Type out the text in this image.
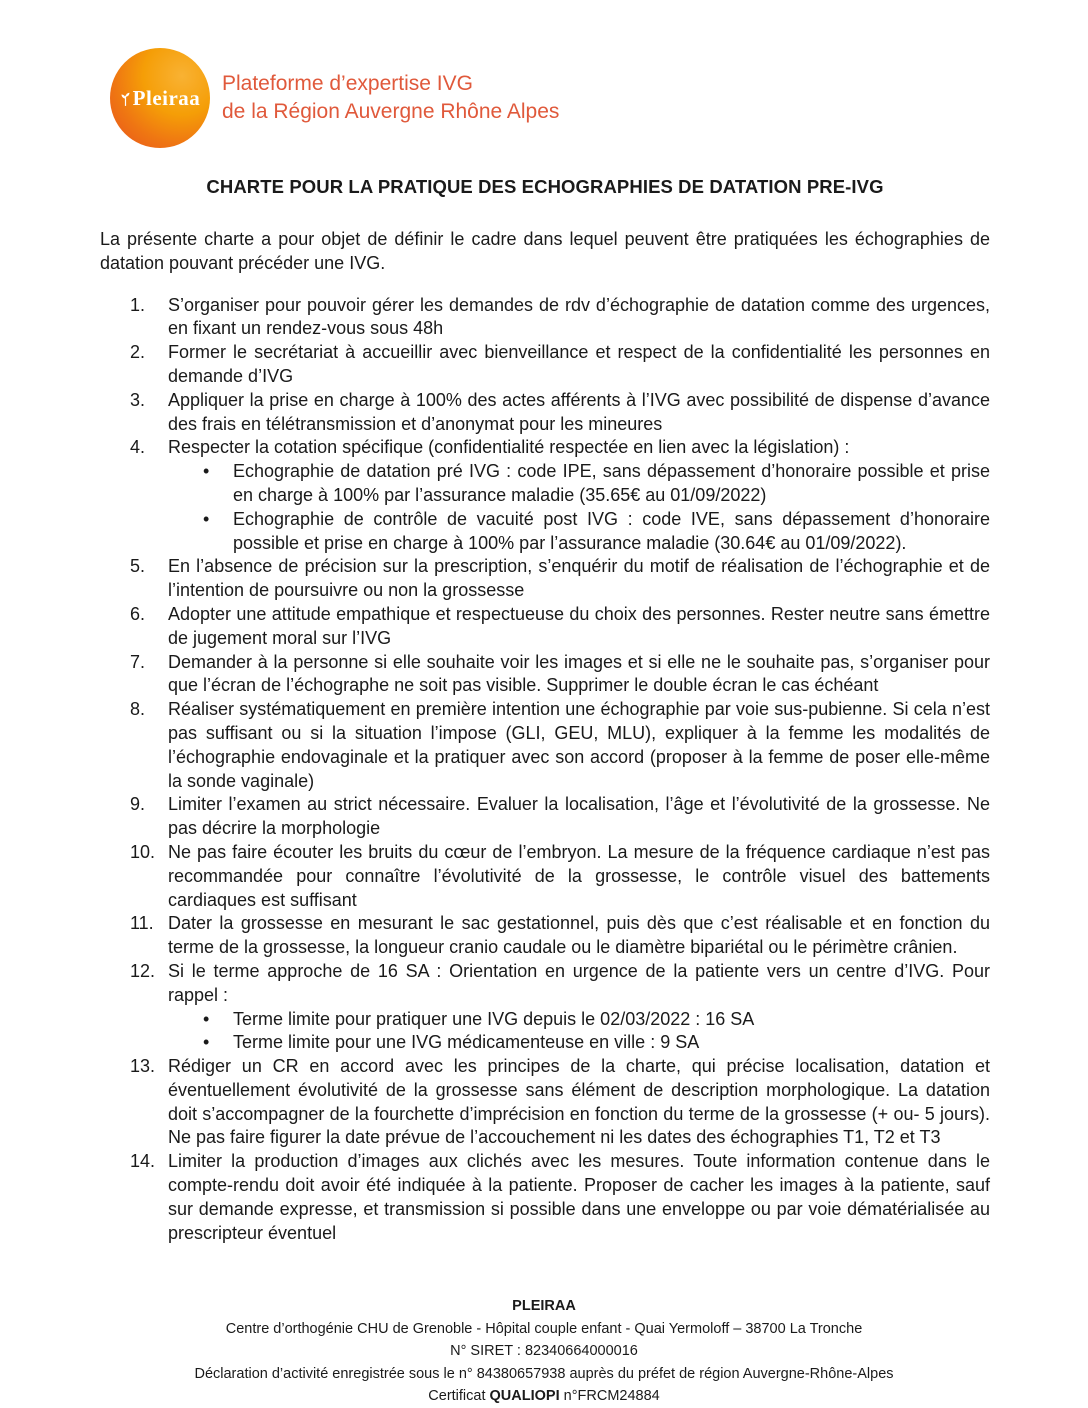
Pleiraa
Plateforme d’expertise IVG
de la Région Auvergne Rhône Alpes
CHARTE POUR LA PRATIQUE DES ECHOGRAPHIES DE DATATION PRE-IVG
La présente charte a pour objet de définir le cadre dans lequel peuvent être pratiquées les échographies de datation pouvant précéder une IVG.
1.	S’organiser pour pouvoir gérer les demandes de rdv d’échographie de datation comme des urgences, en fixant un rendez-vous sous 48h
2.	Former le secrétariat à accueillir avec bienveillance et respect de la confidentialité les personnes en demande d’IVG
3.	Appliquer la prise en charge à 100% des actes afférents à l’IVG avec possibilité de dispense d’avance des frais en télétransmission et d’anonymat pour les mineures
4.	Respecter la cotation spécifique (confidentialité respectée en lien avec la législation) :
•	Echographie de datation pré IVG : code IPE, sans dépassement d’honoraire possible et prise en charge à 100% par l’assurance maladie (35.65€ au 01/09/2022)
•	Echographie de contrôle de vacuité post IVG : code IVE, sans dépassement d’honoraire possible et prise en charge à 100% par l’assurance maladie (30.64€ au 01/09/2022).
5.	En l’absence de précision sur la prescription, s’enquérir du motif de réalisation de l’échographie et de l’intention de poursuivre ou non la grossesse
6.	Adopter une attitude empathique et respectueuse du choix des personnes. Rester neutre sans émettre de jugement moral sur l’IVG
7.	Demander à la personne si elle souhaite voir les images et si elle ne le souhaite pas, s’organiser pour que l’écran de l’échographe ne soit pas visible. Supprimer le double écran le cas échéant
8.	Réaliser systématiquement en première intention une échographie par voie sus-pubienne. Si cela n’est pas suffisant ou si la situation l’impose (GLI, GEU, MLU), expliquer à la femme les modalités de l’échographie endovaginale et la pratiquer avec son accord (proposer à la femme de poser elle-même la sonde vaginale)
9.	Limiter l’examen au strict nécessaire. Evaluer la localisation, l’âge et l’évolutivité de la grossesse. Ne pas décrire la morphologie
10. Ne pas faire écouter les bruits du cœur de l’embryon. La mesure de la fréquence cardiaque n’est pas recommandée pour connaître l’évolutivité de la grossesse, le contrôle visuel des battements cardiaques est suffisant
11. Dater la grossesse en mesurant le sac gestationnel, puis dès que c’est réalisable et en fonction du terme de la grossesse, la longueur cranio caudale ou le diamètre bipariétal ou le périmètre crânien.
12. Si le terme approche de 16 SA : Orientation en urgence de la patiente vers un centre d’IVG. Pour rappel :
•	Terme limite pour pratiquer une IVG depuis le 02/03/2022 : 16 SA
•	Terme limite pour une IVG médicamenteuse en ville : 9 SA
13. Rédiger un CR en accord avec les principes de la charte, qui précise localisation, datation et éventuellement évolutivité de la grossesse sans élément de description morphologique. La datation doit s’accompagner de la fourchette d’imprécision en fonction du terme de la grossesse (+ ou- 5 jours). Ne pas faire figurer la date prévue de l’accouchement ni les dates des échographies T1, T2 et T3
14. Limiter la production d’images aux clichés avec les mesures. Toute information contenue dans le compte-rendu doit avoir été indiquée à la patiente. Proposer de cacher les images à la patiente, sauf sur demande expresse, et transmission si possible dans une enveloppe ou par voie dématérialisée au prescripteur éventuel
PLEIRAA
Centre d’orthogénie CHU de Grenoble - Hôpital couple enfant - Quai Yermoloff – 38700 La Tronche
N° SIRET : 82340664000016
Déclaration d’activité enregistrée sous le n° 84380657938 auprès du préfet de région Auvergne-Rhône-Alpes
Certificat QUALIOPI n°FRCM24884
